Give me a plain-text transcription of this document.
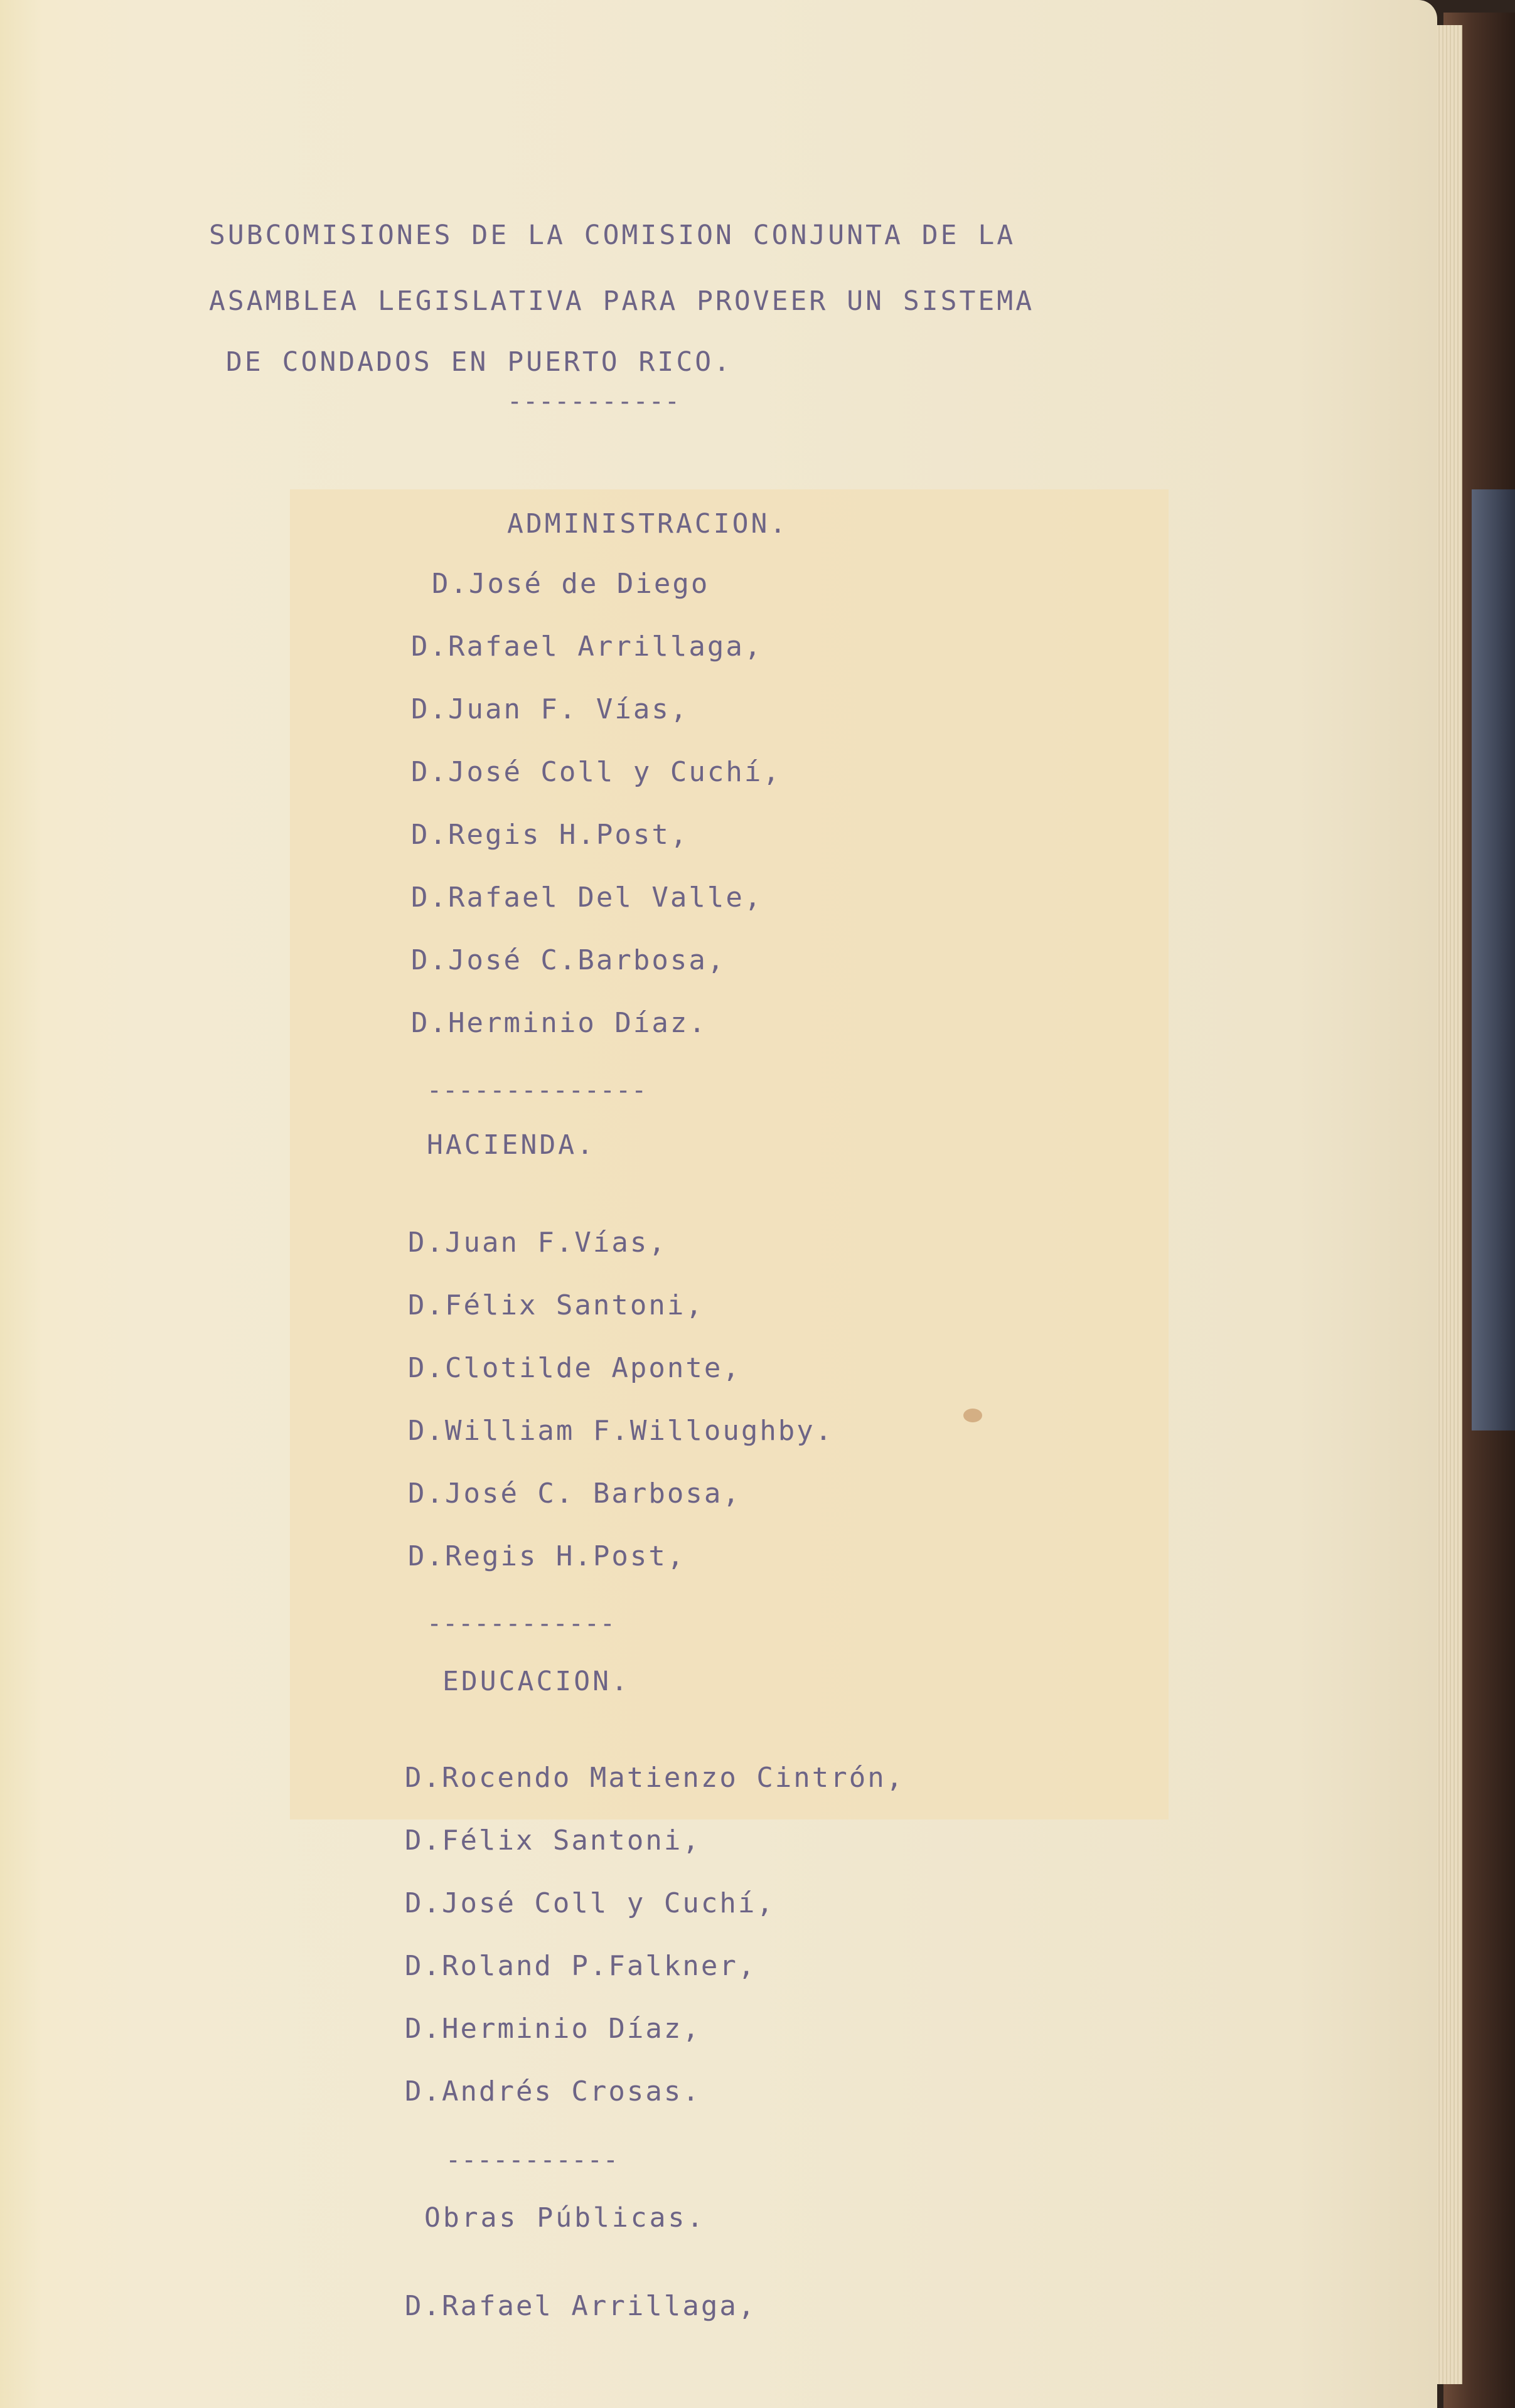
SUBCOMISIONES DE LA COMISION CONJUNTA DE LA

ASAMBLEA LEGISLATIVA PARA PROVEER UN SISTEMA

DE CONDADOS EN PUERTO RICO.

-----------

ADMINISTRACION.

D.José de Diego

D.Rafael Arrillaga,

D.Juan F. Vías,

D.José Coll y Cuchí,

D.Regis H.Post,

D.Rafael Del Valle,

D.José C.Barbosa,

D.Herminio Díaz.

--------------

HACIENDA.

D.Juan F.Vías,

D.Félix Santoni,

D.Clotilde Aponte,

D.William F.Willoughby.

D.José C. Barbosa,

D.Regis H.Post,

------------

EDUCACION.

D.Rocendo Matienzo Cintrón,

D.Félix Santoni,

D.José Coll y Cuchí,

D.Roland P.Falkner,

D.Herminio Díaz,

D.Andrés Crosas.

-----------

Obras Públicas.

D.Rafael Arrillaga,
